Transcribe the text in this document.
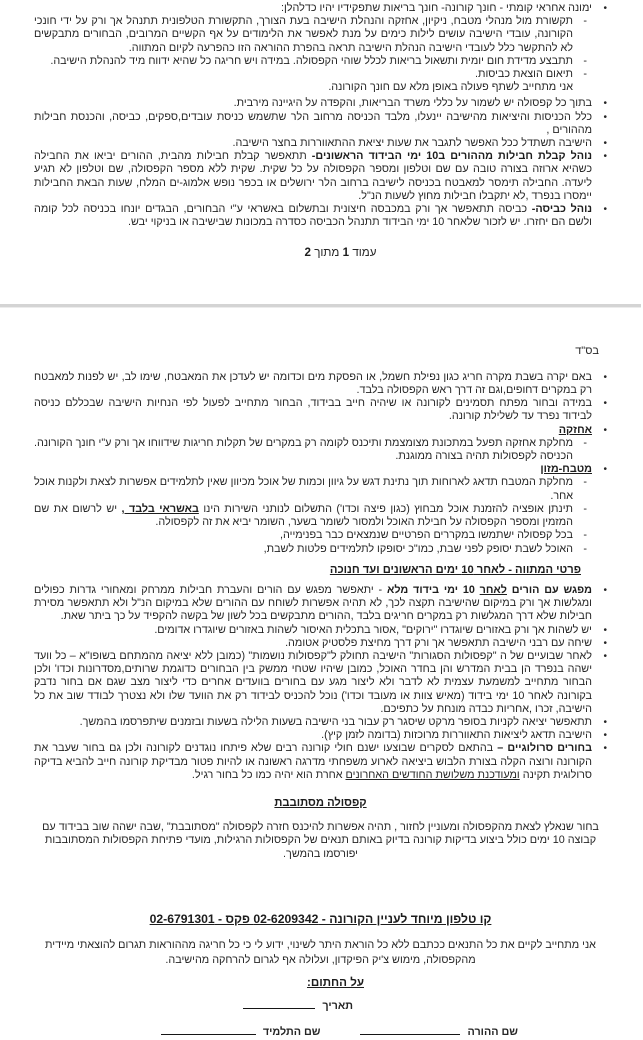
•
ימונה אחראי קומתי - חונך קורונה- חונך בריאות שתפקידיו יהיו כדלהלן:
-
תקשורת מול מנהלי מטבח, ניקיון, אחזקה והנהלת הישיבה בעת הצורך, התקשורת הטלפונית תתנהל אך ורק על ידי חונכי הקורונה, עובדי הישיבה עושים לילות כימים על מנת לאפשר את הלימודים על אף הקשיים המרובים, הבחורים מתבקשים לא להתקשר כלל לעובדי הישיבה הנהלת הישיבה תראה בהפרת ההוראה הזו כהפרעה לקיום המתווה.
-
תתבצע מדידת חום יומית ותשאול בריאות לכלל שוהי הקפסולה. במידה ויש חריגה כל שהיא ידווח מיד להנהלת הישיבה.
-
תיאום הוצאת כביסות.
אני מתחייב לשתף פעולה באופן מלא עם חונך הקורונה.
•
בתוך כל קפסולה יש לשמור על כללי משרד הבריאות, והקפדה על היגיינה מירבית.
•
כלל הכניסות והיציאות מהישיבה יינעלו, מלבד הכניסה מרחוב הלר שתשמש כניסת עובדים,ספקים, כביסה, והכנסת חבילות מההורים ,
•
הישיבה תשתדל ככל האפשר לתגבר את שעות יציאת ההתאווררות בחצר הישיבה.
•
נוהל קבלת חבילות מההורים ב10 ימי הבידוד הראשונים- תתאפשר קבלת חבילות מהבית, ההורים יביאו את החבילה כשהיא ארוזה בצורה טובה עם שם וטלפון ומספר הקפסולה על כל שקית. שקית ללא מספר הקפסולה, שם וטלפון לא תגיע ליעדה. החבילה תימסר למאבטח בכניסה לישיבה ברחוב הלר ירושלים או בכפר נופש אלמוג-ים המלח, שעות הבאת החבילות יימסרו בנפרד ,לא יתקבלו חבילות מחוץ לשעות הנ"ל.
•
נוהל כביסה- כביסה תתאפשר אך ורק במכבסה חיצונית ובתשלום באשראי ע"י הבחורים, הבגדים יונחו בכניסה לכל קומה ולשם הם יחזרו. יש לזכור שלאחר 10 ימי הבידוד תתנהל הכביסה כסדרה במכונות שבישיבה או בניקוי יבש.
עמוד 1 מתוך 2
בס"ד
•
באם יקרה בשבת מקרה חריג כגון נפילת חשמל, או הפסקת מים וכדומה יש לעדכן את המאבטח, שימו לב, יש לפנות למאבטח רק במקרים דחופים,וגם זה דרך ראש הקפסולה בלבד.
•
במידה ובחור מפתח תסמינים לקורונה או שיהיה חייב בבידוד, הבחור מתחייב לפעול לפי הנחיות הישיבה שבכללם כניסה לבידוד נפרד עד לשלילת קורונה.
•
אחזקה
-
מחלקת אחזקה תפעל במתכונת מצומצמת ותיכנס לקומה רק במקרים של תקלות חריגות שידווחו אך ורק ע"י חונך הקורונה. הכניסה לקפסולות תהיה בצורה ממוגנת.
•
מטבח-מזון
-
מחלקת המטבח תדאג לארוחות תוך נתינת דגש על גיוון וכמות של אוכל מכיוון שאין לתלמידים אפשרות לצאת ולקנות אוכל אחר.
-
תינתן אופציה להזמנת אוכל מבחוץ (כגון פיצה וכדו') התשלום לנותני השירות הינו באשראי בלבד , יש לרשום את שם המזמין ומספר הקפסולה על חבילת האוכל ולמסור לשומר בשער, השומר יביא את זה לקפסולה.
-
בכל קפסולה ישתמשו במקררים הפרטיים שנמצאים כבר בפנימייה,
-
האוכל לשבת יסופק לפני שבת, כמו"כ יסופקו לתלמידים פלטות לשבת,
פרטי המתווה - לאחר 10 ימים הראשונים ועד חנוכה
•
מפגש עם הורים לאחר 10 ימי בידוד מלא - יתאפשר מפגש עם הורים והעברת חבילות ממרחק ומאחורי גדרות כפולים ומגלשות אך ורק במיקום שהישיבה תקצה לכך, לא תהיה אפשרות לשוחח עם ההורים שלא במיקום הנ"ל ולא תתאפשר מסירת חבילות שלא דרך המגלשות רק במקרים חריגים בלבד ,ההורים מתבקשים בכל לשון של בקשה להקפיד על כך ביתר שאת.
•
יש לשהות אך ורק באזורים שיוגדרו "ירוקים" ,אסור בתכלית האיסור לשהות באזורים שיוגדרו אדומים.
•
שיחה עם רבני הישיבה תתאפשר אך ורק דרך מחיצת פלסטיק אטומה.
•
לאחר שבועיים של ה "קפסולות הסגורות" הישיבה תחולק ל"קפסולות נושמות" (כמובן ללא יציאה מהמתחם בשופו"א – כל וועד ישהה בנפרד הן בבית המדרש והן בחדר האוכל, כמובן שיהיו שטחי ממשק בין הבחורים כדוגמת שרותים,מסדרונות וכדו' ולכן הבחור מתחייב למשמעת עצמית לא לדבר ולא ליצור מגע עם בחורים בוועדים אחרים כדי ליצור מצב שגם אם בחור נדבק בקורונה לאחר 10 ימי בידוד (מאיש צוות או מעובד וכדו') נוכל להכניס לבידוד רק את הוועד שלו ולא נצטרך לבודד שוב את כל הישיבה, זכרו ,אחריות כבדה מונחת על כתפיכם.
•
תתאפשר יציאה לקניות בסופר מרקט שיסגר רק עבור בני הישיבה בשעות הלילה בשעות ובזמנים שיתפרסמו בהמשך.
•
הישיבה תדאג ליציאות התאווררות מרוכזות (בדומה לזמן קיץ).
•
בחורים סרולוגיים – בהתאם לסקרים שבוצעו ישנם חולי קורונה רבים שלא פיתחו נוגדנים לקורונה ולכן גם בחור שעבר את הקורונה ורוצה הקלה בצורת הלבוש ביציאה לארוע משפחתי מדרגה ראשונה או להיות פטור מבדיקת קורונה חייב להביא בדיקה סרולוגית תקינה ומעודכנת משלושת החודשים האחרונים אחרת הוא יהיה כמו כל בחור רגיל.
קפסולה מסתובבת
בחור שנאלץ לצאת מהקפסולה ומעוניין לחזור , תהיה אפשרות להיכנס חזרה לקפסולה "מסתובבת" ,שבה ישהה שוב בבידוד עם קבוצה 10 ימים כולל ביצוע בדיקות קורונה בדיוק באותם תנאים של הקפסולות הרגילות, מועדי פתיחת הקפסולות המסתובבות יפורסמו בהמשך.
קו טלפון מיוחד לעניין הקורונה - 02-6209342 פקס - 02-6791301
אני מתחייב לקיים את כל התנאים ככתבם ללא כל הוראת היתר לשינוי, ידוע לי כי כל חריגה מההוראות תגרום להוצאתי מיידית מהקפסולה, מימוש צ'יק הפיקדון, ועלולה אף לגרום להרחקה מהישיבה.
על החתום:
תאריך
שם ההורה
שם התלמיד
